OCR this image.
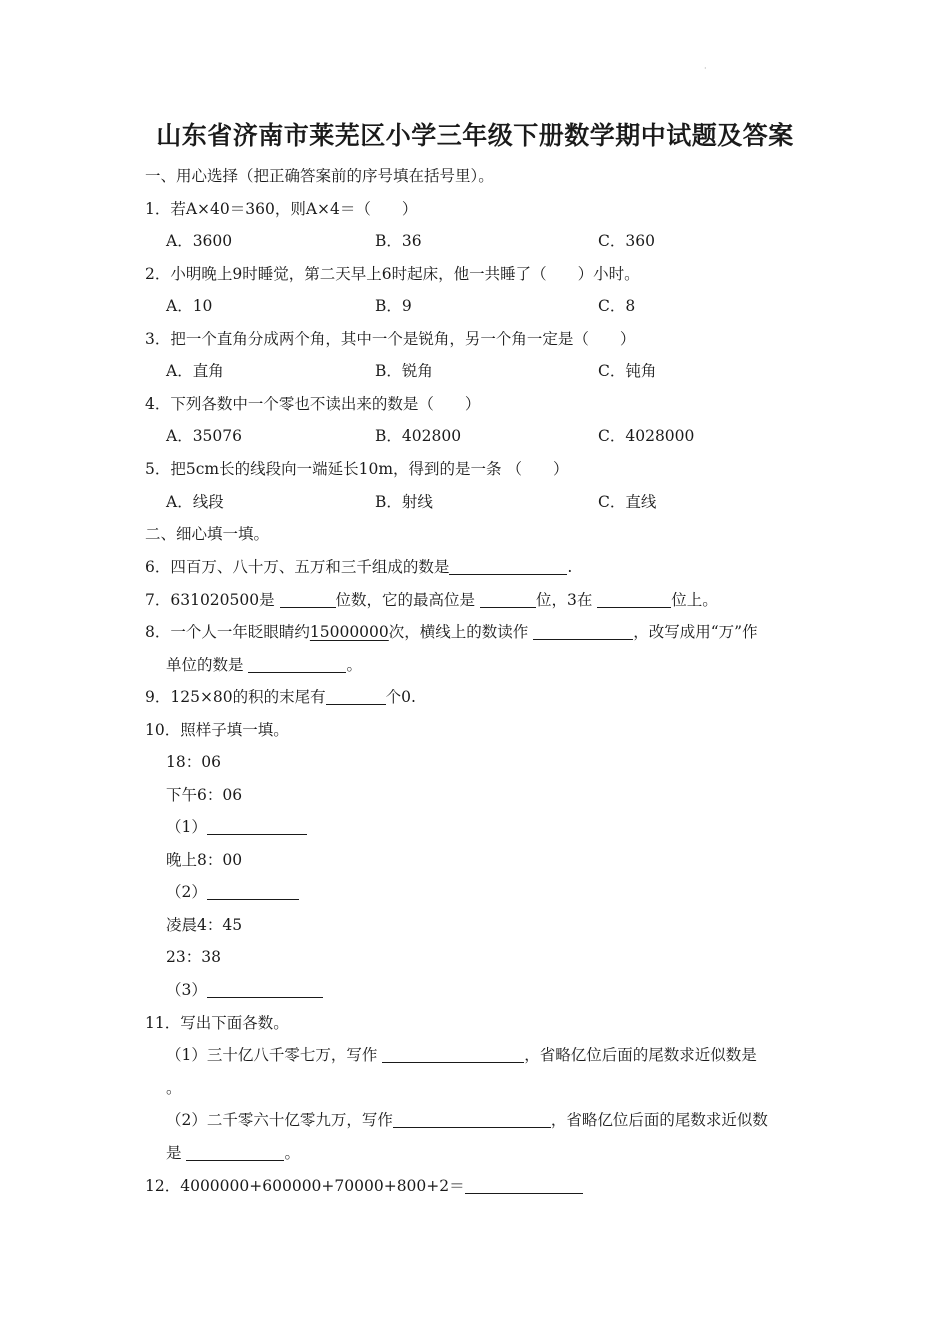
·
山东省济南市莱芜区小学三年级下册数学期中试题及答案
一、用心选择（把正确答案前的序号填在括号里）。
1．若A×40＝360，则A×4＝（　　）
A．3600	B．36	C．360
2．小明晚上9时睡觉，第二天早上6时起床，他一共睡了（　　）小时。
A．10	B．9	C．8
3．把一个直角分成两个角，其中一个是锐角，另一个角一定是（　　）
A．直角	B．锐角	C．钝角
4．下列各数中一个零也不读出来的数是（　　）
A．35076	B．402800	C．4028000
5．把5cm长的线段向一端延长10m，得到的是一条 （　　）
A．线段	B．射线	C．直线
二、细心填一填。
6．四百万、八十万、五万和三千组成的数是	.
7．631020500是	位数，它的最高位是	位，3在	位上。
8．一个人一年眨眼睛约15000000次，横线上的数读作	，改写成用“万”作
单位的数是	。
9．125×80的积的末尾有	个0.
10．照样子填一填。
18：06
下午6：06
（1）
晚上8：00
（2）
凌晨4：45
23：38
（3）
11．写出下面各数。
（1）三十亿八千零七万，写作	，省略亿位后面的尾数求近似数是
。
（2）二千零六十亿零九万，写作	，省略亿位后面的尾数求近似数
是	。
12．4000000+600000+70000+800+2＝
